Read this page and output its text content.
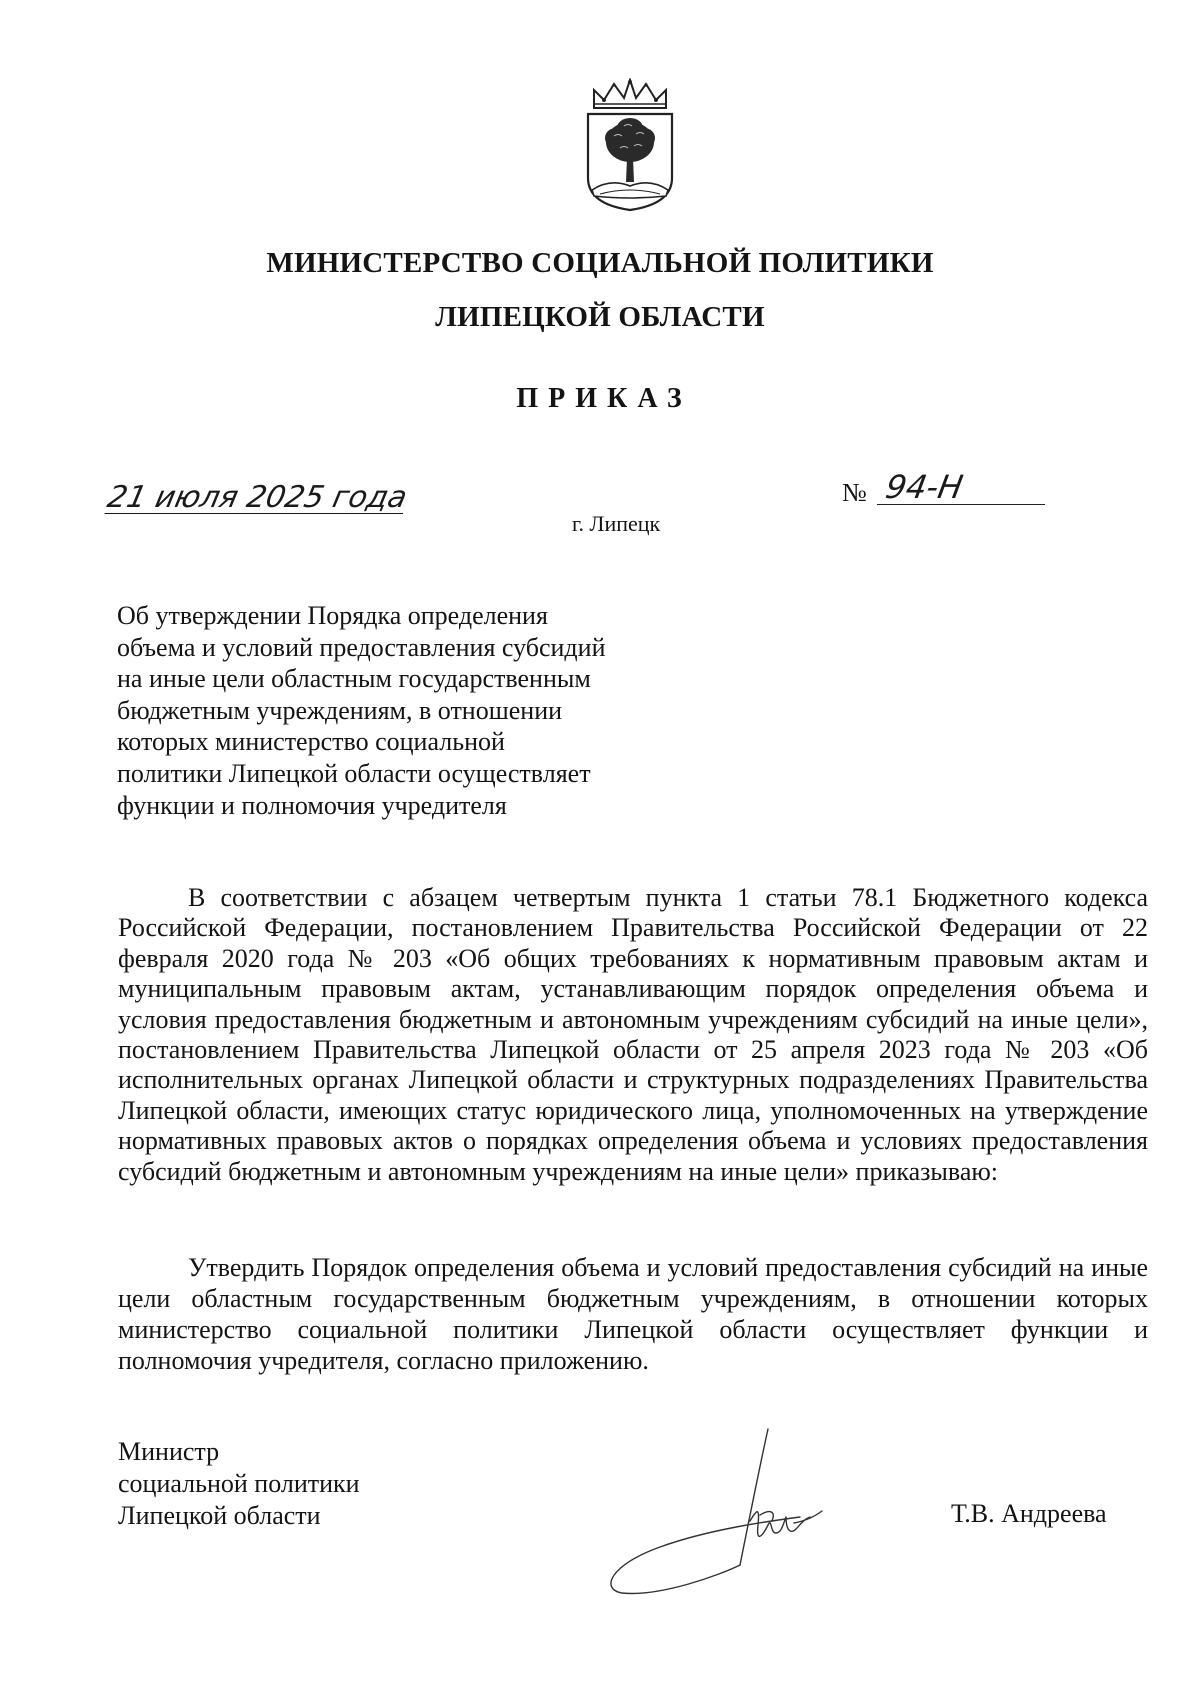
МИНИСТЕРСТВО СОЦИАЛЬНОЙ ПОЛИТИКИ
ЛИПЕЦКОЙ ОБЛАСТИ
ПРИКАЗ
21 июля 2025 года
г. Липецк
№ 94-Н
Об утверждении Порядка определения
объема и условий предоставления субсидий
на иные цели областным государственным
бюджетным учреждениям, в отношении
которых министерство социальной
политики Липецкой области осуществляет
функции и полномочия учредителя

В соответствии с абзацем четвертым пункта 1 статьи 78.1 Бюджетного кодекса Российской Федерации, постановлением Правительства Российской Федерации от 22 февраля 2020 года № 203 «Об общих требованиях к нормативным правовым актам и муниципальным правовым актам, устанавливающим порядок определения объема и условия предоставления бюджетным и автономным учреждениям субсидий на иные цели», постановлением Правительства Липецкой области от 25 апреля 2023 года № 203 «Об исполнительных органах Липецкой области и структурных подразделениях Правительства Липецкой области, имеющих статус юридического лица, уполномоченных на утверждение нормативных правовых актов о порядках определения объема и условиях предоставления субсидий бюджетным и автономным учреждениям на иные цели» приказываю:

Утвердить Порядок определения объема и условий предоставления субсидий на иные цели областным государственным бюджетным учреждениям, в отношении которых министерство социальной политики Липецкой области осуществляет функции и полномочия учредителя, согласно приложению.

Министр
социальной политики
Липецкой области	Т.В. Андреева
